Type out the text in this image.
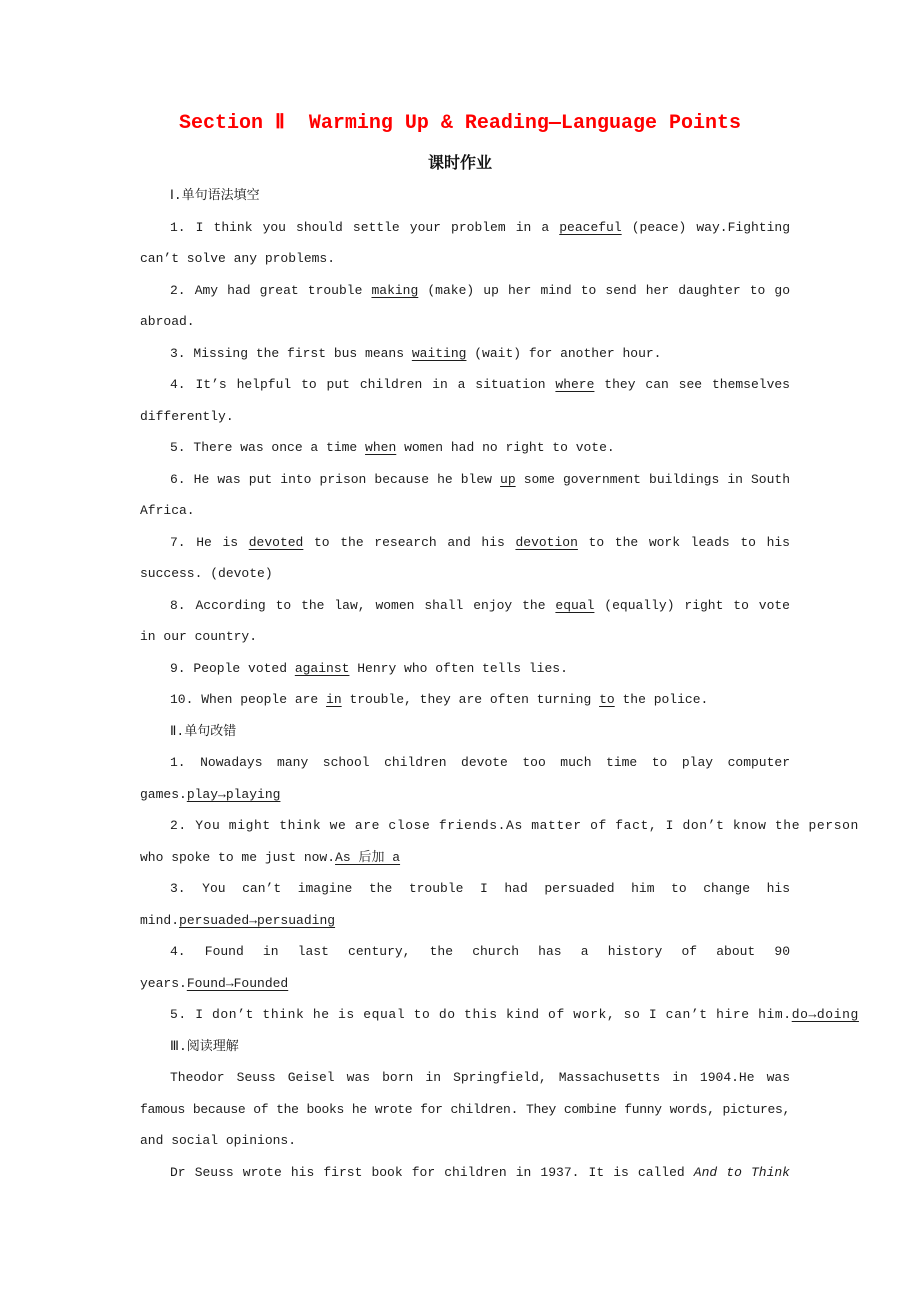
Section Ⅱ  Warming Up & Reading—Language Points
课时作业
Ⅰ.单句语法填空
1. I think you should settle your problem in a peaceful (peace) way.Fighting
can’t solve any problems.
2. Amy had great trouble making (make) up her mind to send her daughter to go
abroad.
3. Missing the first bus means waiting (wait) for another hour.
4. It’s helpful to put children in a situation where they can see themselves
differently.
5. There was once a time when women had no right to vote.
6. He was put into prison because he blew up some government buildings in South
Africa.
7. He is devoted to the research and his devotion to the work leads to his
success. (devote)
8. According to the law, women shall enjoy the equal (equally) right to vote
in our country.
9. People voted against Henry who often tells lies.
10. When people are in trouble, they are often turning to the police.
Ⅱ.单句改错
1. Nowadays many school children devote too much time to play computer
games.play→playing
2. You might think we are close friends.As matter of fact, I don’t know the person
who spoke to me just now.As 后加 a
3. You can’t imagine the trouble I had persuaded him to change his
mind.persuaded→persuading
4. Found in last century, the church has a history of about 90
years.Found→Founded
5. I don’t think he is equal to do this kind of work, so I can’t hire him.do→doing
Ⅲ.阅读理解
Theodor Seuss Geisel was born in Springfield, Massachusetts in 1904.He was
famous because of the books he wrote for children. They combine funny words, pictures,
and social opinions.
Dr Seuss wrote his first book for children in 1937. It is called And to Think
